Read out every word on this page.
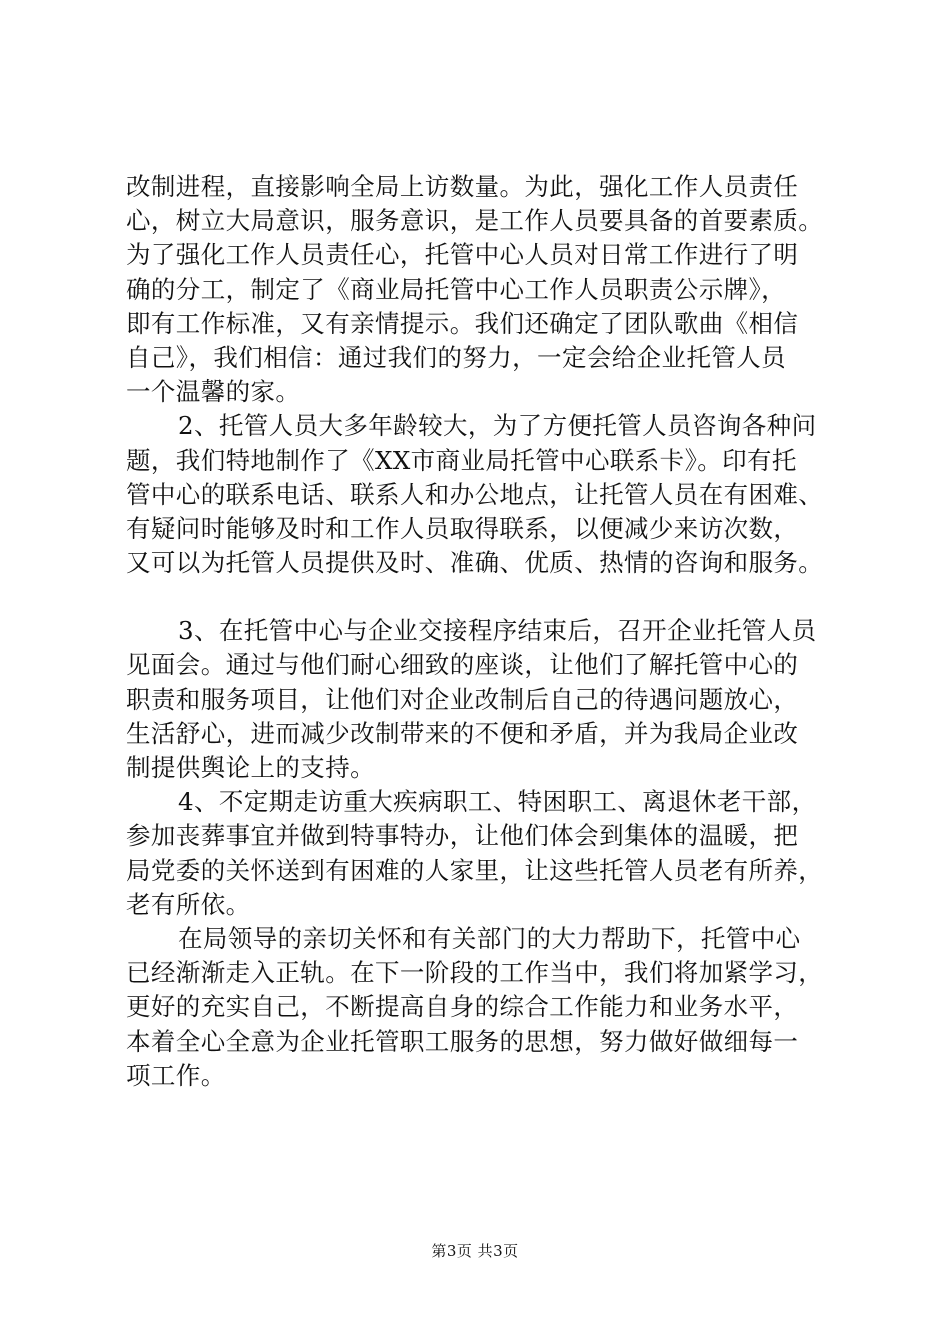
改制进程，直接影响全局上访数量。为此，强化工作人员责任
心，树立大局意识，服务意识，是工作人员要具备的首要素质。
为了强化工作人员责任心，托管中心人员对日常工作进行了明
确的分工，制定了《商业局托管中心工作人员职责公示牌》，
即有工作标准，又有亲情提示。我们还确定了团队歌曲《相信
自己》，我们相信：通过我们的努力，一定会给企业托管人员
一个温馨的家。
2、托管人员大多年龄较大，为了方便托管人员咨询各种问
题，我们特地制作了《XX市商业局托管中心联系卡》。印有托
管中心的联系电话、联系人和办公地点，让托管人员在有困难、
有疑问时能够及时和工作人员取得联系，以便减少来访次数，
又可以为托管人员提供及时、准确、优质、热情的咨询和服务。
3、在托管中心与企业交接程序结束后，召开企业托管人员
见面会。通过与他们耐心细致的座谈，让他们了解托管中心的
职责和服务项目，让他们对企业改制后自己的待遇问题放心，
生活舒心，进而减少改制带来的不便和矛盾，并为我局企业改
制提供舆论上的支持。
4、不定期走访重大疾病职工、特困职工、离退休老干部，
参加丧葬事宜并做到特事特办，让他们体会到集体的温暖，把
局党委的关怀送到有困难的人家里，让这些托管人员老有所养，
老有所依。
在局领导的亲切关怀和有关部门的大力帮助下，托管中心
已经渐渐走入正轨。在下一阶段的工作当中，我们将加紧学习，
更好的充实自己，不断提高自身的综合工作能力和业务水平，
本着全心全意为企业托管职工服务的思想，努力做好做细每一
项工作。
第3页 共3页
